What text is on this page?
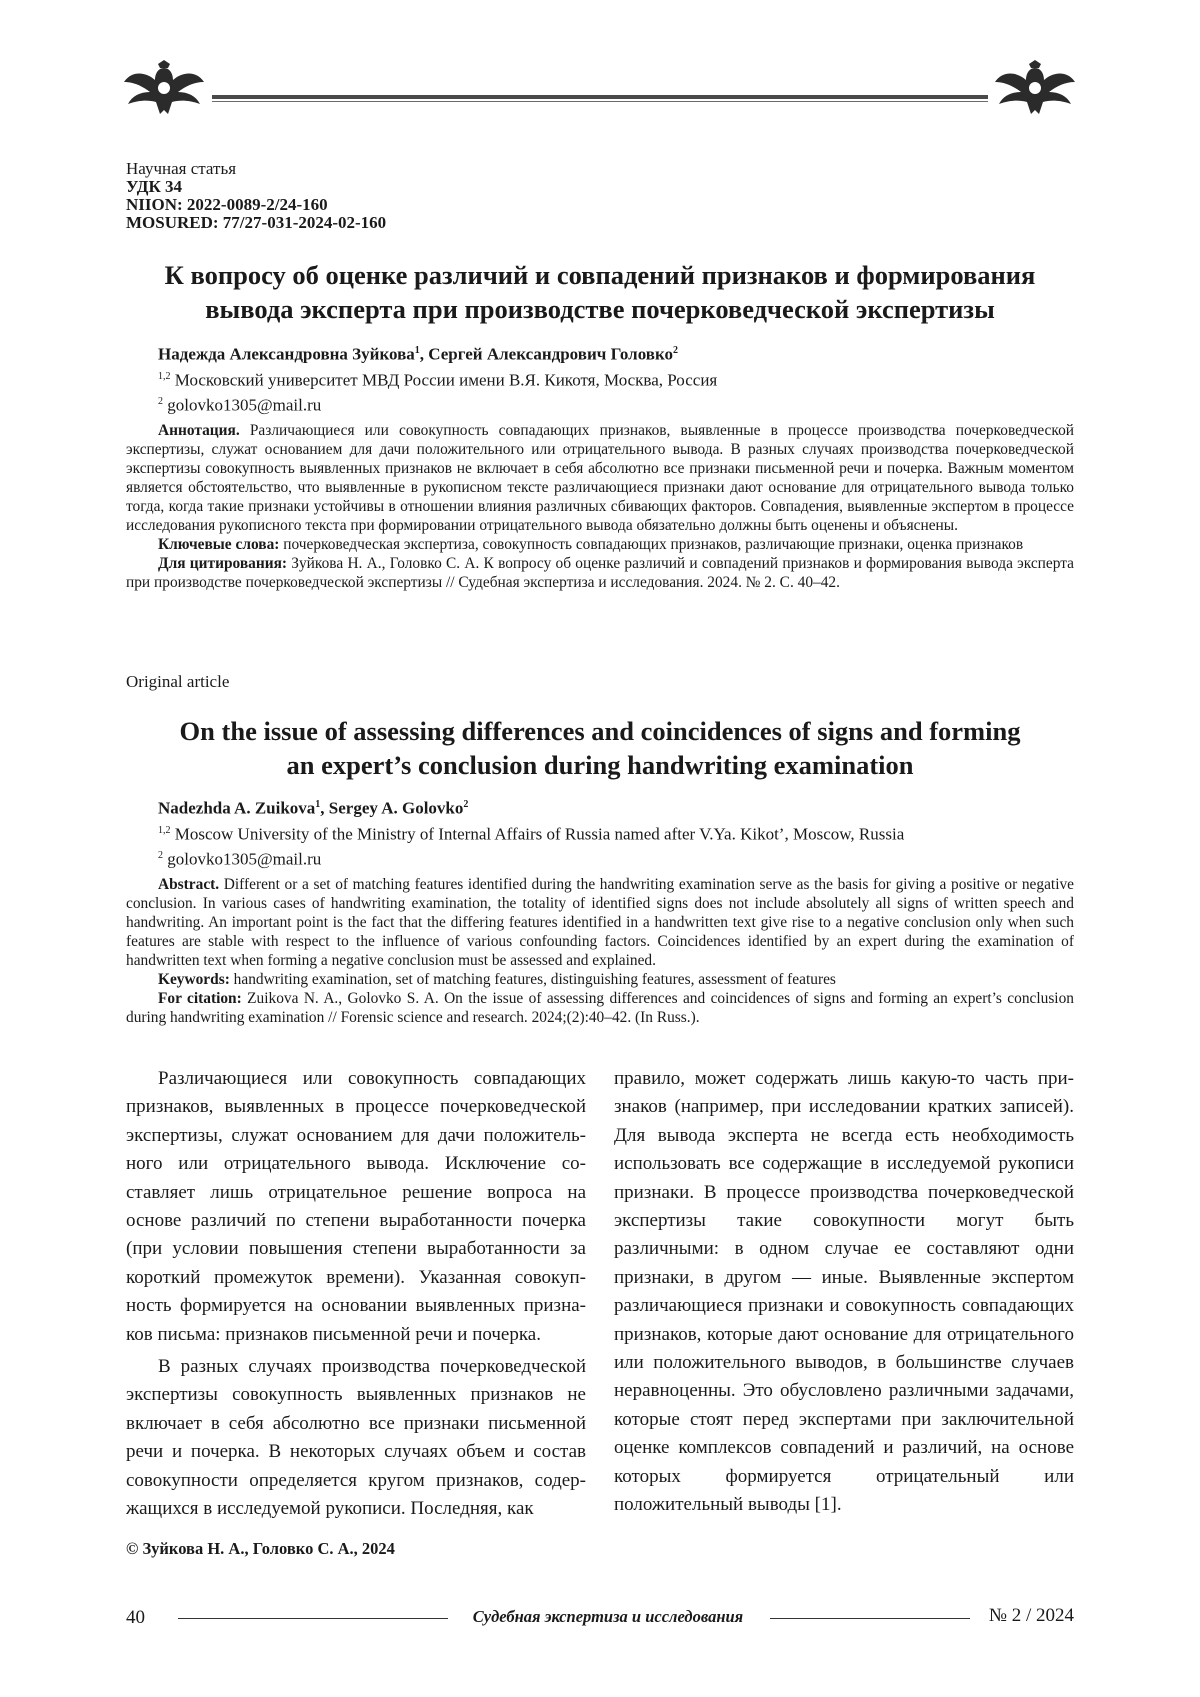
Научная статья
УДК 34
NIION: 2022-0089-2/24-160
MOSURED: 77/27-031-2024-02-160
К вопросу об оценке различий и совпадений признаков и формирования
вывода эксперта при производстве почерковедческой экспертизы
Надежда Александровна Зуйкова$^1$, Сергей Александрович Головко$^2$
$^{1,2}$ Московский университет МВД России имени В.Я. Кикотя, Москва, Россия
$^2$ golovko1305@mail.ru
Аннотация. Различающиеся или совокупность совпадающих признаков, выявленные в процессе производства почерковедческой экспертизы, служат основанием для дачи положительного или отрицательного вывода. В разных случаях производства почерковедческой экспертизы совокупность выявленных признаков не включает в себя абсолютно все признаки письменной речи и почерка. Важным моментом является обстоятельство, что выявленные в рукописном тексте различающиеся признаки дают основание для отрицательного вывода только тогда, когда такие признаки устойчивы в отношении влияния различных сбивающих факторов. Совпадения, выявленные экспертом в процессе исследования рукописного текста при формировании отрицательного вывода обязательно должны быть оценены и объяснены.
Ключевые слова: почерковедческая экспертиза, совокупность совпадающих признаков, различающие признаки, оценка признаков
Для цитирования: Зуйкова Н. А., Головко С. А. К вопросу об оценке различий и совпадений признаков и формирования вывода эксперта при производстве почерковедческой экспертизы // Судебная экспертиза и исследования. 2024. № 2. С. 40–42.
Original article
On the issue of assessing differences and coincidences of signs and forming
an expert’s conclusion during handwriting examination
Nadezhda A. Zuikova$^1$, Sergey A. Golovko$^2$
$^{1,2}$ Moscow University of the Ministry of Internal Affairs of Russia named after V.Ya. Kikot’, Moscow, Russia
$^2$ golovko1305@mail.ru
Abstract. Different or a set of matching features identified during the handwriting examination serve as the basis for giving a positive or negative conclusion. In various cases of handwriting examination, the totality of identified signs does not include absolutely all signs of written speech and handwriting. An important point is the fact that the differing features identified in a handwritten text give rise to a negative conclusion only when such features are stable with respect to the influence of various confounding factors. Coincidences identified by an expert during the examination of handwritten text when forming a negative conclusion must be assessed and explained.
Keywords: handwriting examination, set of matching features, distinguishing features, assessment of features
For citation: Zuikova N. A., Golovko S. A. On the issue of assessing differences and coincidences of signs and forming an expert’s conclusion during handwriting examination // Forensic science and research. 2024;(2):40–42. (In Russ.).

Различающиеся или совокупность совпадающих признаков, выявленных в процессе почерковедческой экспертизы, служат основанием для дачи положительного или отрицательного вывода. Исключение составляет лишь отрицательное решение вопроса на основе различий по степени выработанности почерка (при условии повышения степени выработанности за короткий промежуток времени). Указанная совокупность формируется на основании выявленных признаков письма: признаков письменной речи и почерка.

В разных случаях производства почерковедческой экспертизы совокупность выявленных признаков не включает в себя абсолютно все признаки письменной речи и почерка. В некоторых случаях объем и состав совокупности определяется кругом признаков, содержащихся в исследуемой рукописи. Последняя, как

правило, может содержать лишь какую-то часть признаков (например, при исследовании кратких записей). Для вывода эксперта не всегда есть необходимость использовать все содержащие в исследуемой рукописи признаки. В процессе производства почерковедческой экспертизы такие совокупности могут быть различными: в одном случае ее составляют одни признаки, в другом — иные. Выявленные экспертом различающиеся признаки и совокупность совпадающих признаков, которые дают основание для отрицательного или положительного выводов, в большинстве случаев неравноценны. Это обусловлено различными задачами, которые стоят перед экспертами при заключительной оценке комплексов совпадений и различий, на основе которых формируется отрицательный или положительный выводы [1].

© Зуйкова Н. А., Головко С. А., 2024
40	Судебная экспертиза и исследования	№ 2 / 2024
